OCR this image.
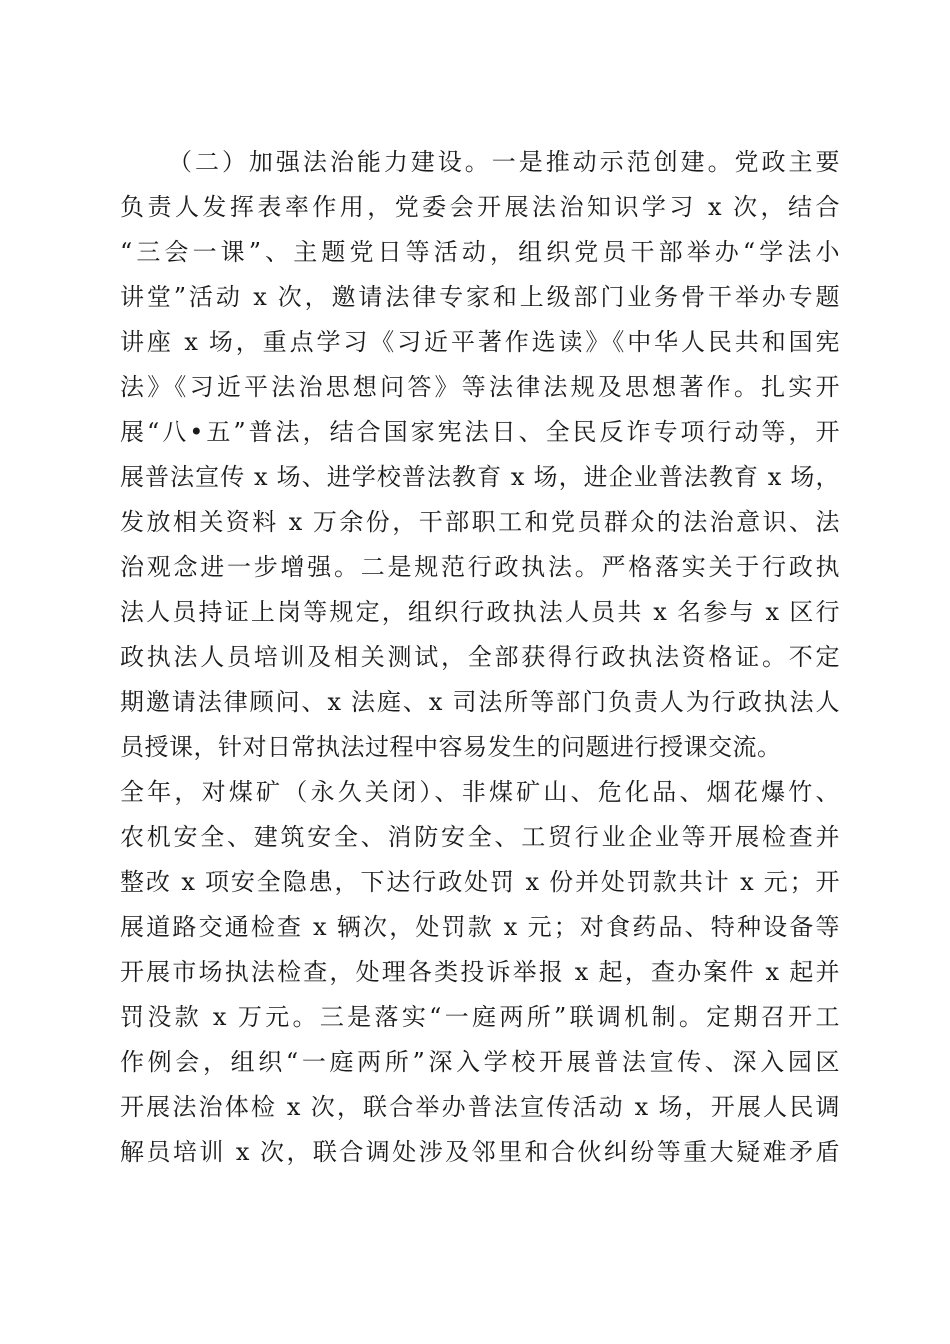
（二）加强法治能力建设。一是推动示范创建。党政主要
负责人发挥表率作用，党委会开展法治知识学习 x 次，结合
“三会一课”、主题党日等活动，组织党员干部举办“学法小
讲堂”活动 x 次，邀请法律专家和上级部门业务骨干举办专题
讲座 x 场，重点学习《习近平著作选读》《中华人民共和国宪
法》《习近平法治思想问答》等法律法规及思想著作。扎实开
展“八•五”普法，结合国家宪法日、全民反诈专项行动等，开
展普法宣传 x 场、进学校普法教育 x 场，进企业普法教育 x 场，
发放相关资料 x 万余份，干部职工和党员群众的法治意识、法
治观念进一步增强。二是规范行政执法。严格落实关于行政执
法人员持证上岗等规定，组织行政执法人员共 x 名参与 x 区行
政执法人员培训及相关测试，全部获得行政执法资格证。不定
期邀请法律顾问、x 法庭、x 司法所等部门负责人为行政执法人
员授课，针对日常执法过程中容易发生的问题进行授课交流。
全年，对煤矿（永久关闭）、非煤矿山、危化品、烟花爆竹、
农机安全、建筑安全、消防安全、工贸行业企业等开展检查并
整改 x 项安全隐患，下达行政处罚 x 份并处罚款共计 x 元；开
展道路交通检查 x 辆次，处罚款 x 元；对食药品、特种设备等
开展市场执法检查，处理各类投诉举报 x 起，查办案件 x 起并
罚没款 x 万元。三是落实“一庭两所”联调机制。定期召开工
作例会，组织“一庭两所”深入学校开展普法宣传、深入园区
开展法治体检 x 次，联合举办普法宣传活动 x 场，开展人民调
解员培训 x 次，联合调处涉及邻里和合伙纠纷等重大疑难矛盾
